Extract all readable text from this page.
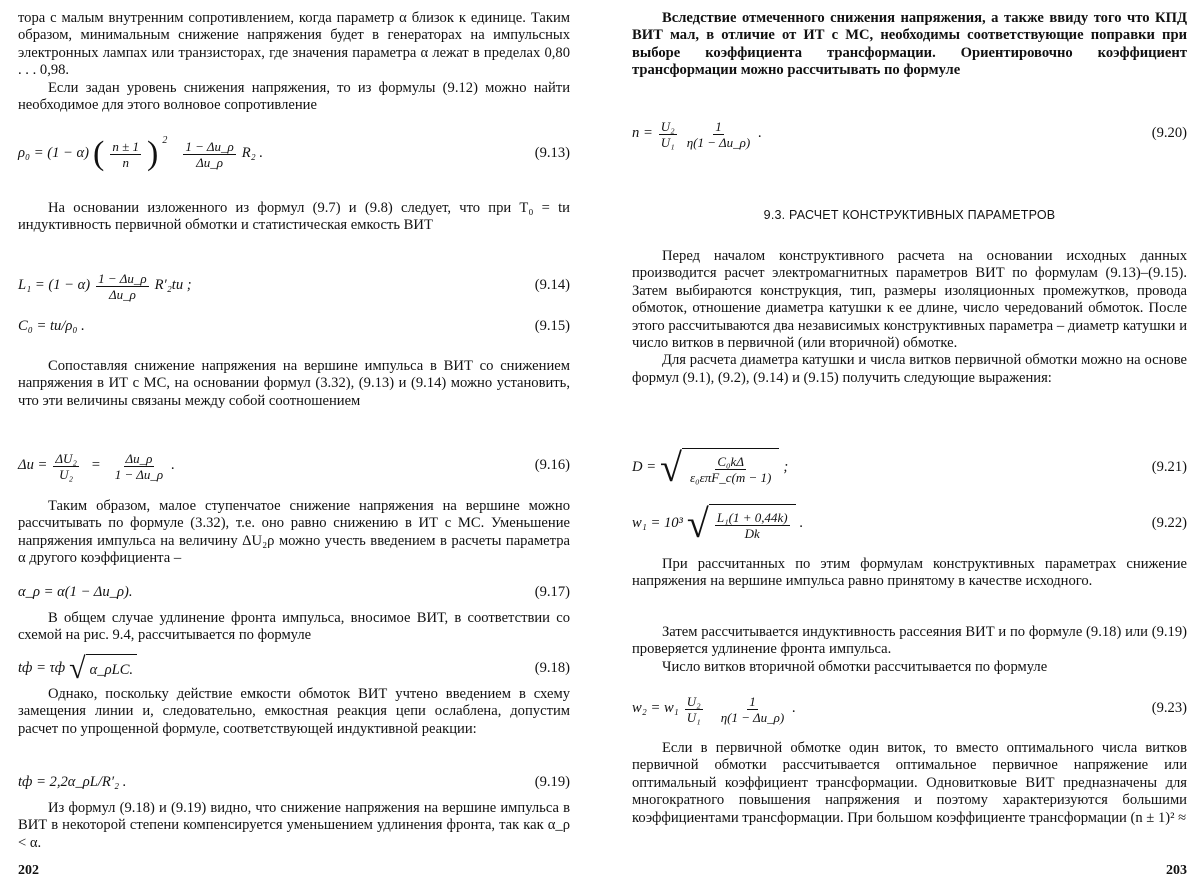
тора с малым внутренним сопротивлением, когда параметр α близок к единице. Таким образом, минимальным снижение напряжения будет в генераторах на импульсных электронных лампах или транзисторах, где значения параметра α лежат в пределах 0,80 . . . 0,98.

Если задан уровень снижения напряжения, то из формулы (9.12) можно найти необходимое для этого волновое сопротивление

ρ₀ = (1 − α) ( $\frac{n \pm 1}{n}$ ) $2 \frac{1 - \Delta u\_\rho}{\Delta u\_\rho} R_2$ .	(9.13)

На основании изложенного из формул (9.7) и (9.8) следует, что при T₀ = tи индуктивность первичной обмотки и статистическая емкость ВИТ

$L_1 = (1 - \alpha) \frac{1 - \Delta u\_\rho}{\Delta u\_\rho} R'_2tи$ ;	(9.14)
C₀ = tи/ρ₀ .	(9.15)

Сопоставляя снижение напряжения на вершине импульса в ВИТ со снижением напряжения в ИТ с МС, на основании формул (3.32), (9.13) и (9.14) можно установить, что эти величины связаны между собой соотношением

$\Delta u = \frac{\text{ΔU₂}}{\text{U₂}} = \frac{\Delta u\_\rho}{1 - \Delta u\_\rho}$ .	(9.16)

Таким образом, малое ступенчатое снижение напряжения на вершине можно рассчитывать по формуле (3.32), т.е. оно равно снижению в ИТ с МС. Уменьшение напряжения импульса на величину ΔU₂ρ можно учесть введением в расчеты параметра α другого коэффициента –

α_ρ = α(1 − Δu_ρ).	(9.17)

В общем случае удлинение фронта импульса, вносимое ВИТ, в соответствии со схемой на рис. 9.4, рассчитывается по формуле

tф = τф √ α_ρLC.	(9.18)

Однако, поскольку действие емкости обмоток ВИТ учтено введением в схему замещения линии и, следовательно, емкостная реакция цепи ослаблена, допустим расчет по упрощенной формуле, соответствующей индуктивной реакции:

tф = 2,2α_ρL/R′₂ .	(9.19)

Из формул (9.18) и (9.19) видно, что снижение напряжения на вершине импульса в ВИТ в некоторой степени компенсируется уменьшением удлинения фронта, так как α_ρ < α.

202

Вследствие отмеченного снижения напряжения, а также ввиду того что КПД ВИТ мал, в отличие от ИТ с МС, необходимы соответствующие поправки при выборе коэффициента трансформации. Ориентировочно коэффициент трансформации можно рассчитывать по формуле

$n = \frac{\text{U₂}}{\text{U₁}} \frac{1}{\eta(1 - \Delta u\_\rho)}$ .	(9.20)
9.3. РАСЧЕТ КОНСТРУКТИВНЫХ ПАРАМЕТРОВ

Перед началом конструктивного расчета на основании исходных данных производится расчет электромагнитных параметров ВИТ по формулам (9.13)–(9.15). Затем выбираются конструкция, тип, размеры изоляционных промежутков, провода обмоток, отношение диаметра катушки к ее длине, число чередований обмоток. После этого рассчитываются два независимых конструктивных параметра – диаметр катушки и число витков в первичной (или вторичной) обмотке.

Для расчета диаметра катушки и числа витков первичной обмотки можно на основе формул (9.1), (9.2), (9.14) и (9.15) получить следующие выражения:

D = √ $\frac{\text{C₀kΔ}}{\text{ε₀επF\_c(m − 1)}}$ ;	(9.21)
w₁ = 10³ √ $\frac{\text{L₁(1 + 0,44k)}}{Dk}$ .	(9.22)

При рассчитанных по этим формулам конструктивных параметрах снижение напряжения на вершине импульса равно принятому в качестве исходного.

Затем рассчитывается индуктивность рассеяния ВИТ и по формуле (9.18) или (9.19) проверяется удлинение фронта импульса.

Число витков вторичной обмотки рассчитывается по формуле

$w_2 = w_1 \frac{\text{U₂}}{\text{U₁}} \frac{1}{\eta(1 - \Delta u\_\rho)}$ .	(9.23)

Если в первичной обмотке один виток, то вместо оптимального числа витков первичной обмотки рассчитывается оптимальное первичное напряжение или оптимальный коэффициент трансформации. Одновитковые ВИТ предназначены для многократного повышения напряжения и поэтому характеризуются большими коэффициентами трансформации. При большом коэффициенте трансформации (n ± 1)² ≈

203
